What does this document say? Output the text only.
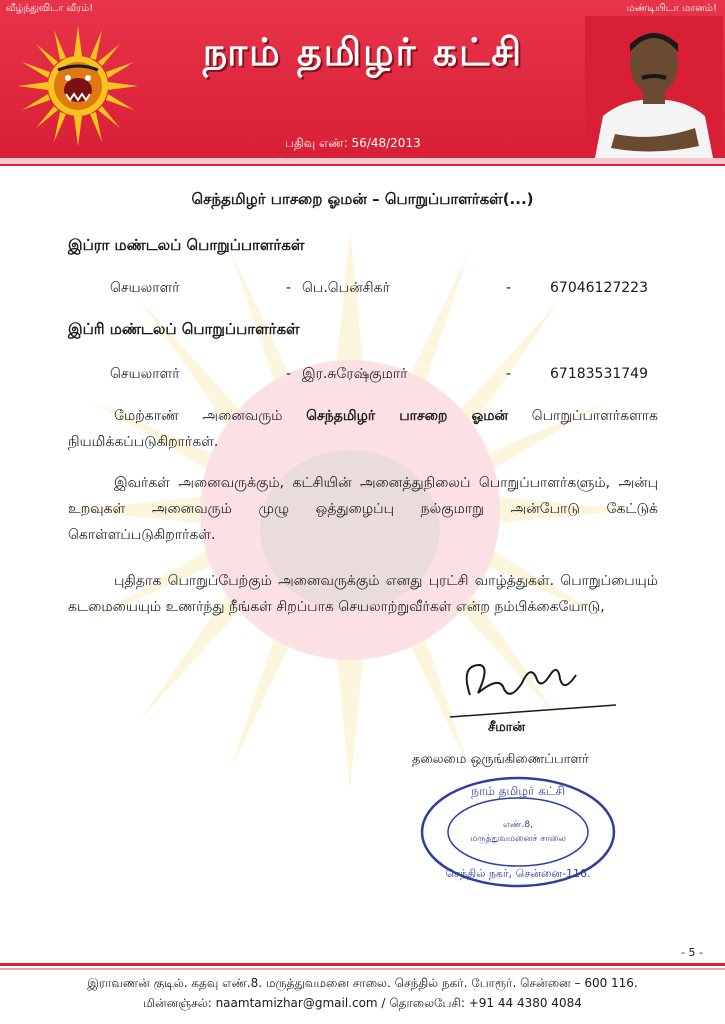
வீழ்ந்துவிடா வீரம்!	மண்டியிடா மானம்!
நாம் தமிழர் கட்சி
பதிவு எண்: 56/48/2013
செந்தமிழர் பாசறை ஓமன் – பொறுப்பாளர்கள்(...)
இப்ரா மண்டலப் பொறுப்பாளர்கள்
செயலாளர்	- பெ.பென்சிகர்	-	67046127223
இப்ரி மண்டலப் பொறுப்பாளர்கள்
செயலாளர்	- இர.சுரேஷ்குமார்	-	67183531749
மேற்காண் அனைவரும் செந்தமிழர் பாசறை ஓமன் பொறுப்பாளர்களாக நியமிக்கப்படுகிறார்கள்.
இவர்கள் அனைவருக்கும், கட்சியின் அனைத்துநிலைப் பொறுப்பாளர்களும், அன்பு உறவுகள் அனைவரும் முழு ஒத்துழைப்பு நல்குமாறு அன்போடு கேட்டுக் கொள்ளப்படுகிறார்கள்.
புதிதாக பொறுப்பேற்கும் அனைவருக்கும் எனது புரட்சி வாழ்த்துகள். பொறுப்பையும் கடமையையும் உணர்ந்து நீங்கள் சிறப்பாக செயலாற்றுவீர்கள் என்ற நம்பிக்கையோடு,
சீமான்
தலைமை ஒருங்கிணைப்பாளர்
நாம் தமிழர் கட்சி
எண்.8,
மருத்துவமனைச் சாலை
செந்தில் நகர், சென்னை-116.
- 5 -
இராவணன் குடில். கதவு எண்.8. மருத்துவமனை சாலை. செந்தில் நகர். போரூர். சென்னை – 600 116.
மின்னஞ்சல்: naamtamizhar@gmail.com / தொலைபேசி: +91 44 4380 4084
